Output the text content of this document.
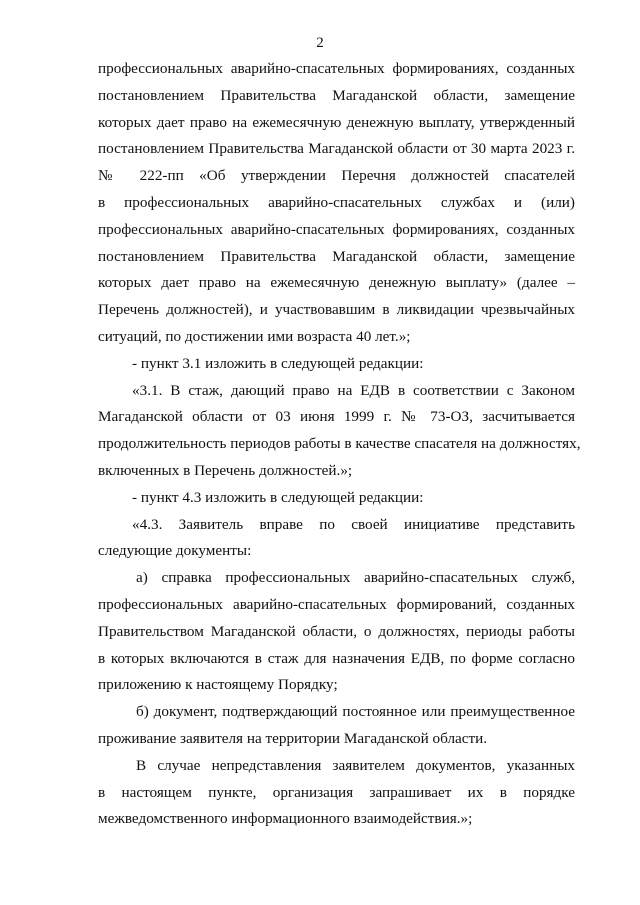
2
профессиональных аварийно-спасательных формированиях, созданных
постановлением Правительства Магаданской области, замещение
которых дает право на ежемесячную денежную выплату, утвержденный
постановлением Правительства Магаданской области от 30 марта 2023 г.
№ 222-пп «Об утверждении Перечня должностей спасателей
в профессиональных аварийно-спасательных службах и (или)
профессиональных аварийно-спасательных формированиях, созданных
постановлением Правительства Магаданской области, замещение
которых дает право на ежемесячную денежную выплату» (далее –
Перечень должностей), и участвовавшим в ликвидации чрезвычайных
ситуаций, по достижении ими возраста 40 лет.»;
- пункт 3.1 изложить в следующей редакции:
«3.1. В стаж, дающий право на ЕДВ в соответствии с Законом
Магаданской области от 03 июня 1999 г. № 73-ОЗ, засчитывается
продолжительность периодов работы в качестве спасателя на должностях,
включенных в Перечень должностей.»;
- пункт 4.3 изложить в следующей редакции:
«4.3. Заявитель вправе по своей инициативе представить
следующие документы:
а) справка профессиональных аварийно-спасательных служб,
профессиональных аварийно-спасательных формирований, созданных
Правительством Магаданской области, о должностях, периоды работы
в которых включаются в стаж для назначения ЕДВ, по форме согласно
приложению к настоящему Порядку;
б) документ, подтверждающий постоянное или преимущественное
проживание заявителя на территории Магаданской области.
В случае непредставления заявителем документов, указанных
в настоящем пункте, организация запрашивает их в порядке
межведомственного информационного взаимодействия.»;
